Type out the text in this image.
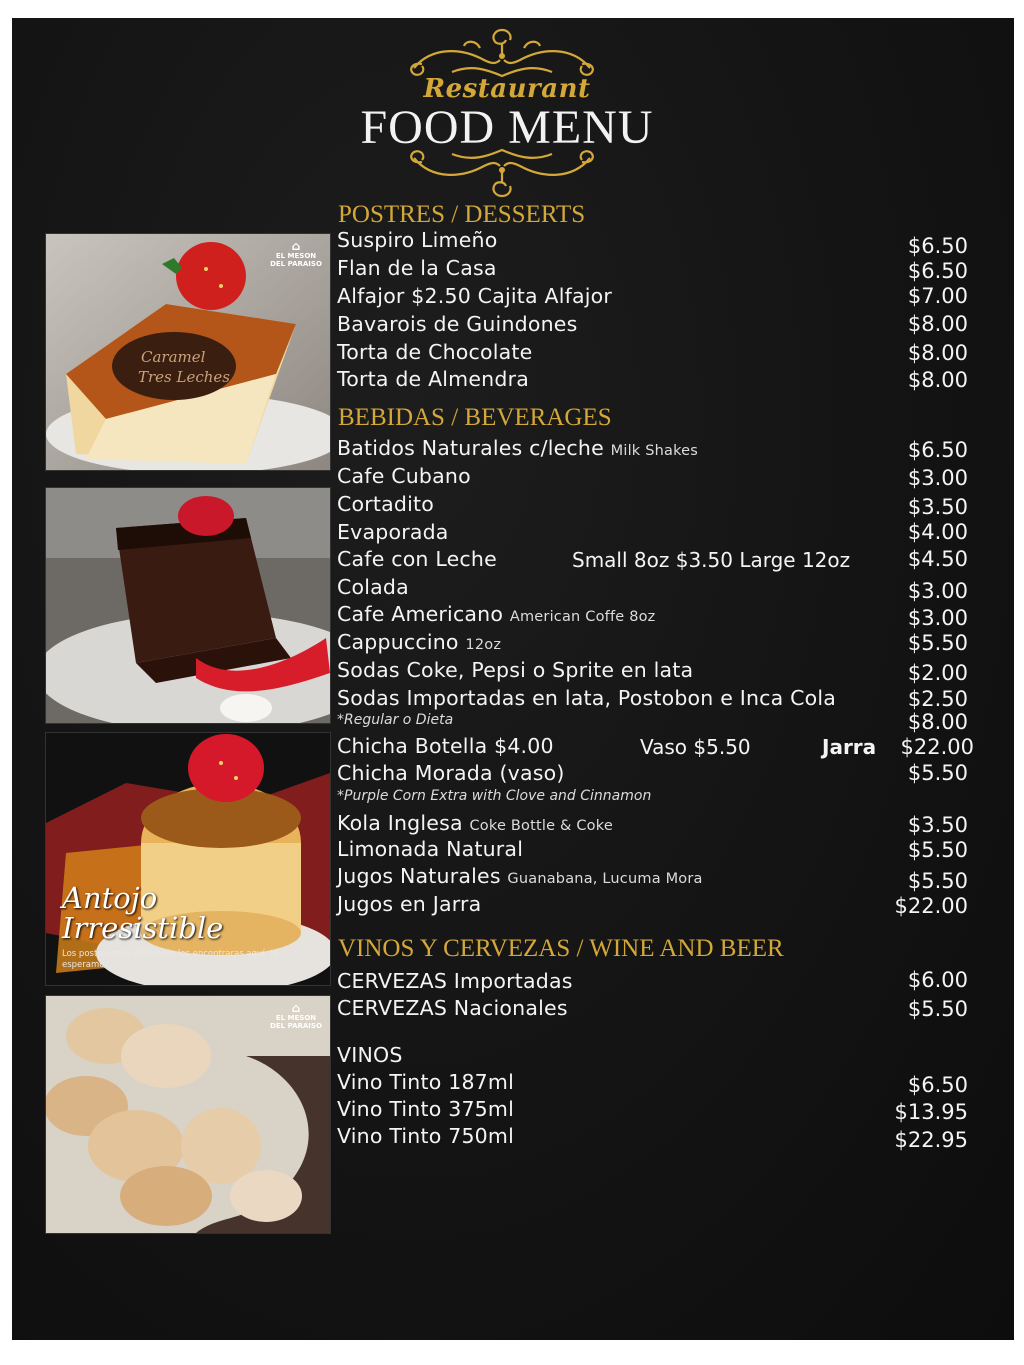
Restaurant
FOOD MENU
Caramel
Tres Leches
⌂
EL MESON
DEL PARAISO
Antojo
Irresistible
Los postres más deliciosos los encontraras aquí, te esperamos.
⌂
EL MESON
DEL PARAISO
POSTRES / DESSERTS
Suspiro Limeño	$6.50
Flan de la Casa	$6.50
Alfajor $2.50 Cajita Alfajor	$7.00
Bavarois de Guindones	$8.00
Torta de Chocolate	$8.00
Torta de Almendra	$8.00
BEBIDAS / BEVERAGES
Batidos Naturales c/leche Milk Shakes	$6.50
Cafe Cubano	$3.00
Cortadito	$3.50
Evaporada	$4.00
Cafe con Leche	Small 8oz $3.50 Large 12oz	$4.50
Colada	$3.00
Cafe Americano American Coffe 8oz	$3.00
Cappuccino 12oz	$5.50
Sodas Coke, Pepsi o Sprite en lata	$2.00
Sodas Importadas en lata, Postobon e Inca Cola	$2.50
*Regular o Dieta	$8.00
Chicha Botella $4.00	Vaso $5.50	Jarra	$22.00
Chicha Morada (vaso)	$5.50
*Purple Corn Extra with Clove and Cinnamon
Kola Inglesa Coke Bottle & Coke	$3.50
Limonada Natural	$5.50
Jugos Naturales Guanabana, Lucuma Mora	$5.50
Jugos en Jarra	$22.00
VINOS Y CERVEZAS / WINE AND BEER
CERVEZAS Importadas	$6.00
CERVEZAS Nacionales	$5.50
VINOS
Vino Tinto 187ml	$6.50
Vino Tinto 375ml	$13.95
Vino Tinto 750ml	$22.95
